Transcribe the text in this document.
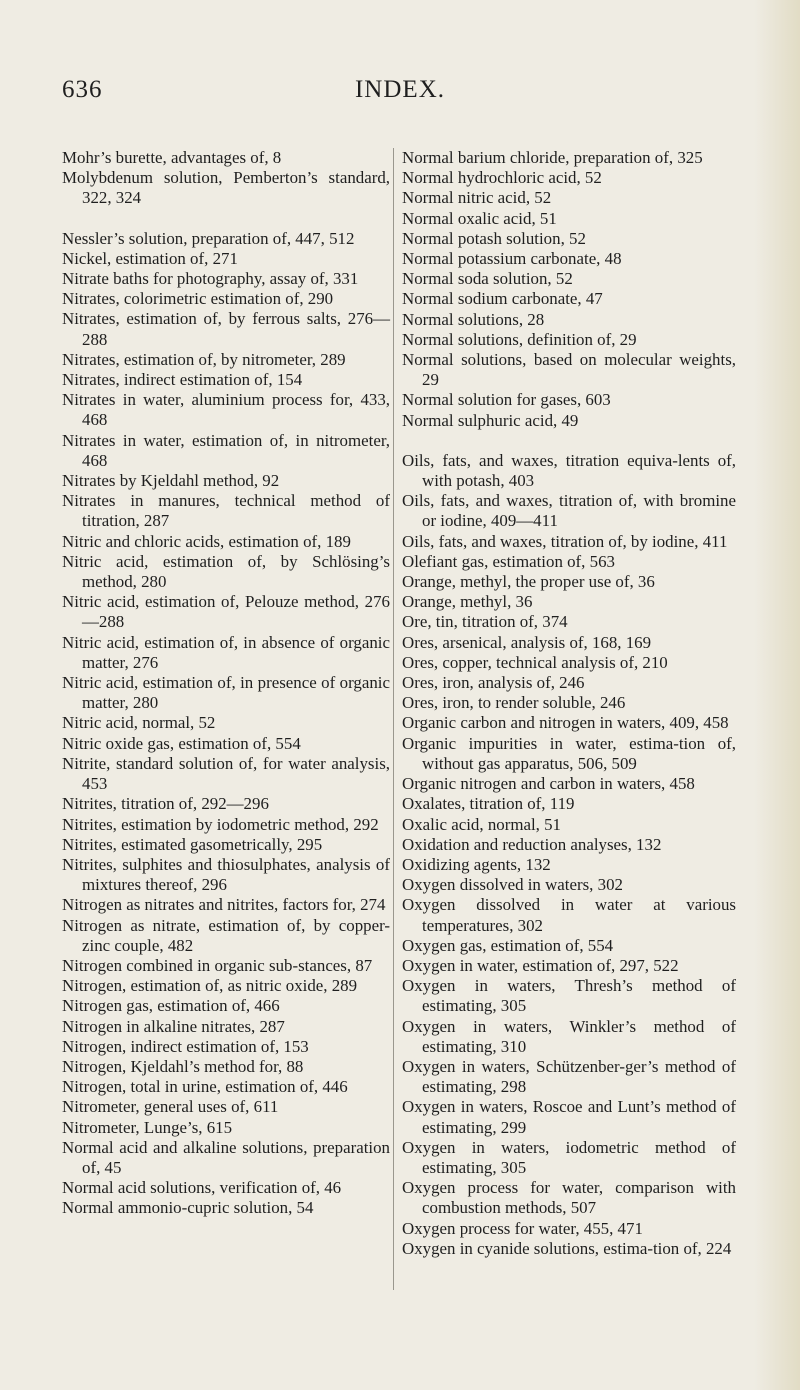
636	INDEX.
Mohr’s burette, advantages of, 8
Molybdenum solution, Pemberton’s standard, 322, 324
Nessler’s solution, preparation of, 447, 512
Nickel, estimation of, 271
Nitrate baths for photography, assay of, 331
Nitrates, colorimetric estimation of, 290
Nitrates, estimation of, by ferrous salts, 276—288
Nitrates, estimation of, by nitrometer, 289
Nitrates, indirect estimation of, 154
Nitrates in water, aluminium process for, 433, 468
Nitrates in water, estimation of, in nitrometer, 468
Nitrates by Kjeldahl method, 92
Nitrates in manures, technical method of titration, 287
Nitric and chloric acids, estimation of, 189
Nitric acid, estimation of, by Schlösing’s method, 280
Nitric acid, estimation of, Pelouze method, 276—288
Nitric acid, estimation of, in absence of organic matter, 276
Nitric acid, estimation of, in presence of organic matter, 280
Nitric acid, normal, 52
Nitric oxide gas, estimation of, 554
Nitrite, standard solution of, for water analysis, 453
Nitrites, titration of, 292—296
Nitrites, estimation by iodometric method, 292
Nitrites, estimated gasometrically, 295
Nitrites, sulphites and thiosulphates, analysis of mixtures thereof, 296
Nitrogen as nitrates and nitrites, factors for, 274
Nitrogen as nitrate, estimation of, by copper-zinc couple, 482
Nitrogen combined in organic sub-stances, 87
Nitrogen, estimation of, as nitric oxide, 289
Nitrogen gas, estimation of, 466
Nitrogen in alkaline nitrates, 287
Nitrogen, indirect estimation of, 153
Nitrogen, Kjeldahl’s method for, 88
Nitrogen, total in urine, estimation of, 446
Nitrometer, general uses of, 611
Nitrometer, Lunge’s, 615
Normal acid and alkaline solutions, preparation of, 45
Normal acid solutions, verification of, 46
Normal ammonio-cupric solution, 54
Normal barium chloride, preparation of, 325
Normal hydrochloric acid, 52
Normal nitric acid, 52
Normal oxalic acid, 51
Normal potash solution, 52
Normal potassium carbonate, 48
Normal soda solution, 52
Normal sodium carbonate, 47
Normal solutions, 28
Normal solutions, definition of, 29
Normal solutions, based on molecular weights, 29
Normal solution for gases, 603
Normal sulphuric acid, 49
Oils, fats, and waxes, titration equiva-lents of, with potash, 403
Oils, fats, and waxes, titration of, with bromine or iodine, 409—411
Oils, fats, and waxes, titration of, by iodine, 411
Olefiant gas, estimation of, 563
Orange, methyl, the proper use of, 36
Orange, methyl, 36
Ore, tin, titration of, 374
Ores, arsenical, analysis of, 168, 169
Ores, copper, technical analysis of, 210
Ores, iron, analysis of, 246
Ores, iron, to render soluble, 246
Organic carbon and nitrogen in waters, 409, 458
Organic impurities in water, estima-tion of, without gas apparatus, 506, 509
Organic nitrogen and carbon in waters, 458
Oxalates, titration of, 119
Oxalic acid, normal, 51
Oxidation and reduction analyses, 132
Oxidizing agents, 132
Oxygen dissolved in waters, 302
Oxygen dissolved in water at various temperatures, 302
Oxygen gas, estimation of, 554
Oxygen in water, estimation of, 297, 522
Oxygen in waters, Thresh’s method of estimating, 305
Oxygen in waters, Winkler’s method of estimating, 310
Oxygen in waters, Schützenber-ger’s method of estimating, 298
Oxygen in waters, Roscoe and Lunt’s method of estimating, 299
Oxygen in waters, iodometric method of estimating, 305
Oxygen process for water, comparison with combustion methods, 507
Oxygen process for water, 455, 471
Oxygen in cyanide solutions, estima-tion of, 224
